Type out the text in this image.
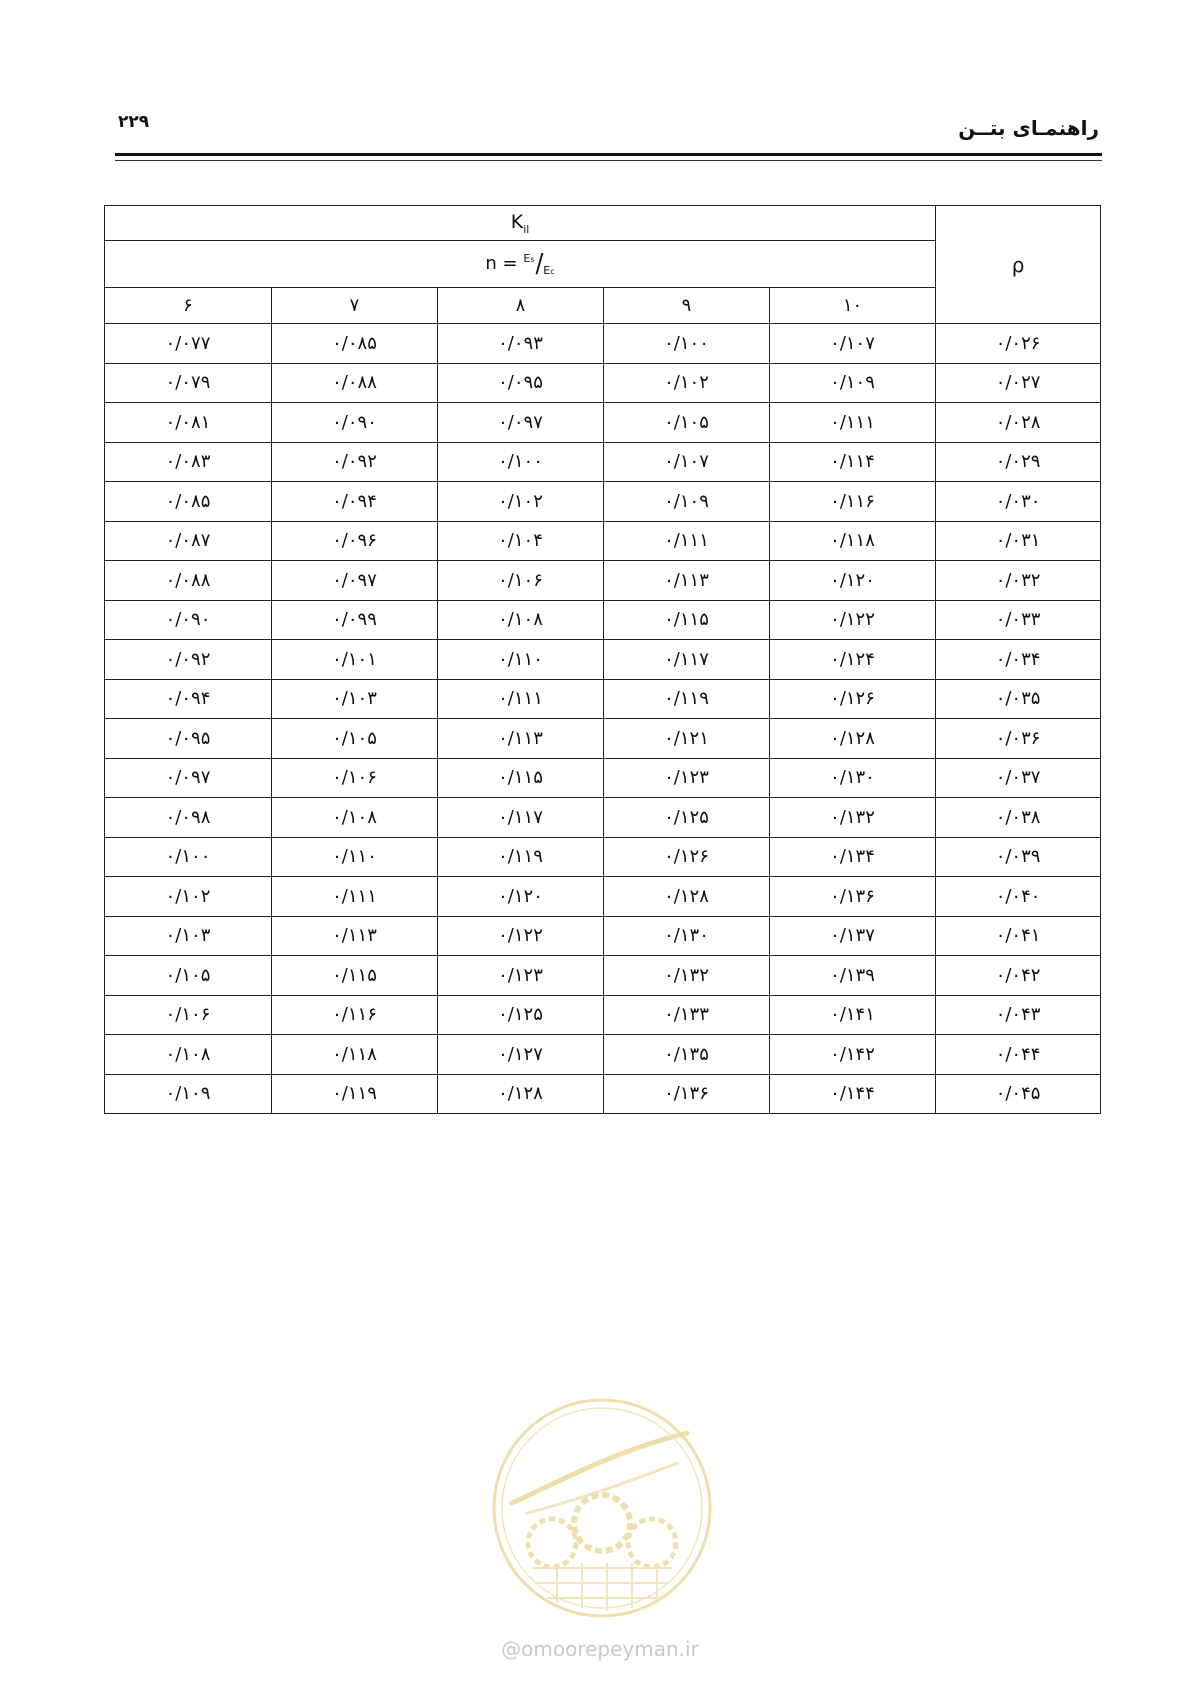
۲۲۹	راهنمـای بتــن
$K_{il}$					ρ
$n = ^{Es}/_{Ec}$
۶	۷	۸	۹	۱۰	
۰/۰۷۷	۰/۰۸۵	۰/۰۹۳	۰/۱۰۰	۰/۱۰۷	۰/۰۲۶
۰/۰۷۹	۰/۰۸۸	۰/۰۹۵	۰/۱۰۲	۰/۱۰۹	۰/۰۲۷
۰/۰۸۱	۰/۰۹۰	۰/۰۹۷	۰/۱۰۵	۰/۱۱۱	۰/۰۲۸
۰/۰۸۳	۰/۰۹۲	۰/۱۰۰	۰/۱۰۷	۰/۱۱۴	۰/۰۲۹
۰/۰۸۵	۰/۰۹۴	۰/۱۰۲	۰/۱۰۹	۰/۱۱۶	۰/۰۳۰
۰/۰۸۷	۰/۰۹۶	۰/۱۰۴	۰/۱۱۱	۰/۱۱۸	۰/۰۳۱
۰/۰۸۸	۰/۰۹۷	۰/۱۰۶	۰/۱۱۳	۰/۱۲۰	۰/۰۳۲
۰/۰۹۰	۰/۰۹۹	۰/۱۰۸	۰/۱۱۵	۰/۱۲۲	۰/۰۳۳
۰/۰۹۲	۰/۱۰۱	۰/۱۱۰	۰/۱۱۷	۰/۱۲۴	۰/۰۳۴
۰/۰۹۴	۰/۱۰۳	۰/۱۱۱	۰/۱۱۹	۰/۱۲۶	۰/۰۳۵
۰/۰۹۵	۰/۱۰۵	۰/۱۱۳	۰/۱۲۱	۰/۱۲۸	۰/۰۳۶
۰/۰۹۷	۰/۱۰۶	۰/۱۱۵	۰/۱۲۳	۰/۱۳۰	۰/۰۳۷
۰/۰۹۸	۰/۱۰۸	۰/۱۱۷	۰/۱۲۵	۰/۱۳۲	۰/۰۳۸
۰/۱۰۰	۰/۱۱۰	۰/۱۱۹	۰/۱۲۶	۰/۱۳۴	۰/۰۳۹
۰/۱۰۲	۰/۱۱۱	۰/۱۲۰	۰/۱۲۸	۰/۱۳۶	۰/۰۴۰
۰/۱۰۳	۰/۱۱۳	۰/۱۲۲	۰/۱۳۰	۰/۱۳۷	۰/۰۴۱
۰/۱۰۵	۰/۱۱۵	۰/۱۲۳	۰/۱۳۲	۰/۱۳۹	۰/۰۴۲
۰/۱۰۶	۰/۱۱۶	۰/۱۲۵	۰/۱۳۳	۰/۱۴۱	۰/۰۴۳
۰/۱۰۸	۰/۱۱۸	۰/۱۲۷	۰/۱۳۵	۰/۱۴۲	۰/۰۴۴
۰/۱۰۹	۰/۱۱۹	۰/۱۲۸	۰/۱۳۶	۰/۱۴۴	۰/۰۴۵
@omoorepeyman.ir
